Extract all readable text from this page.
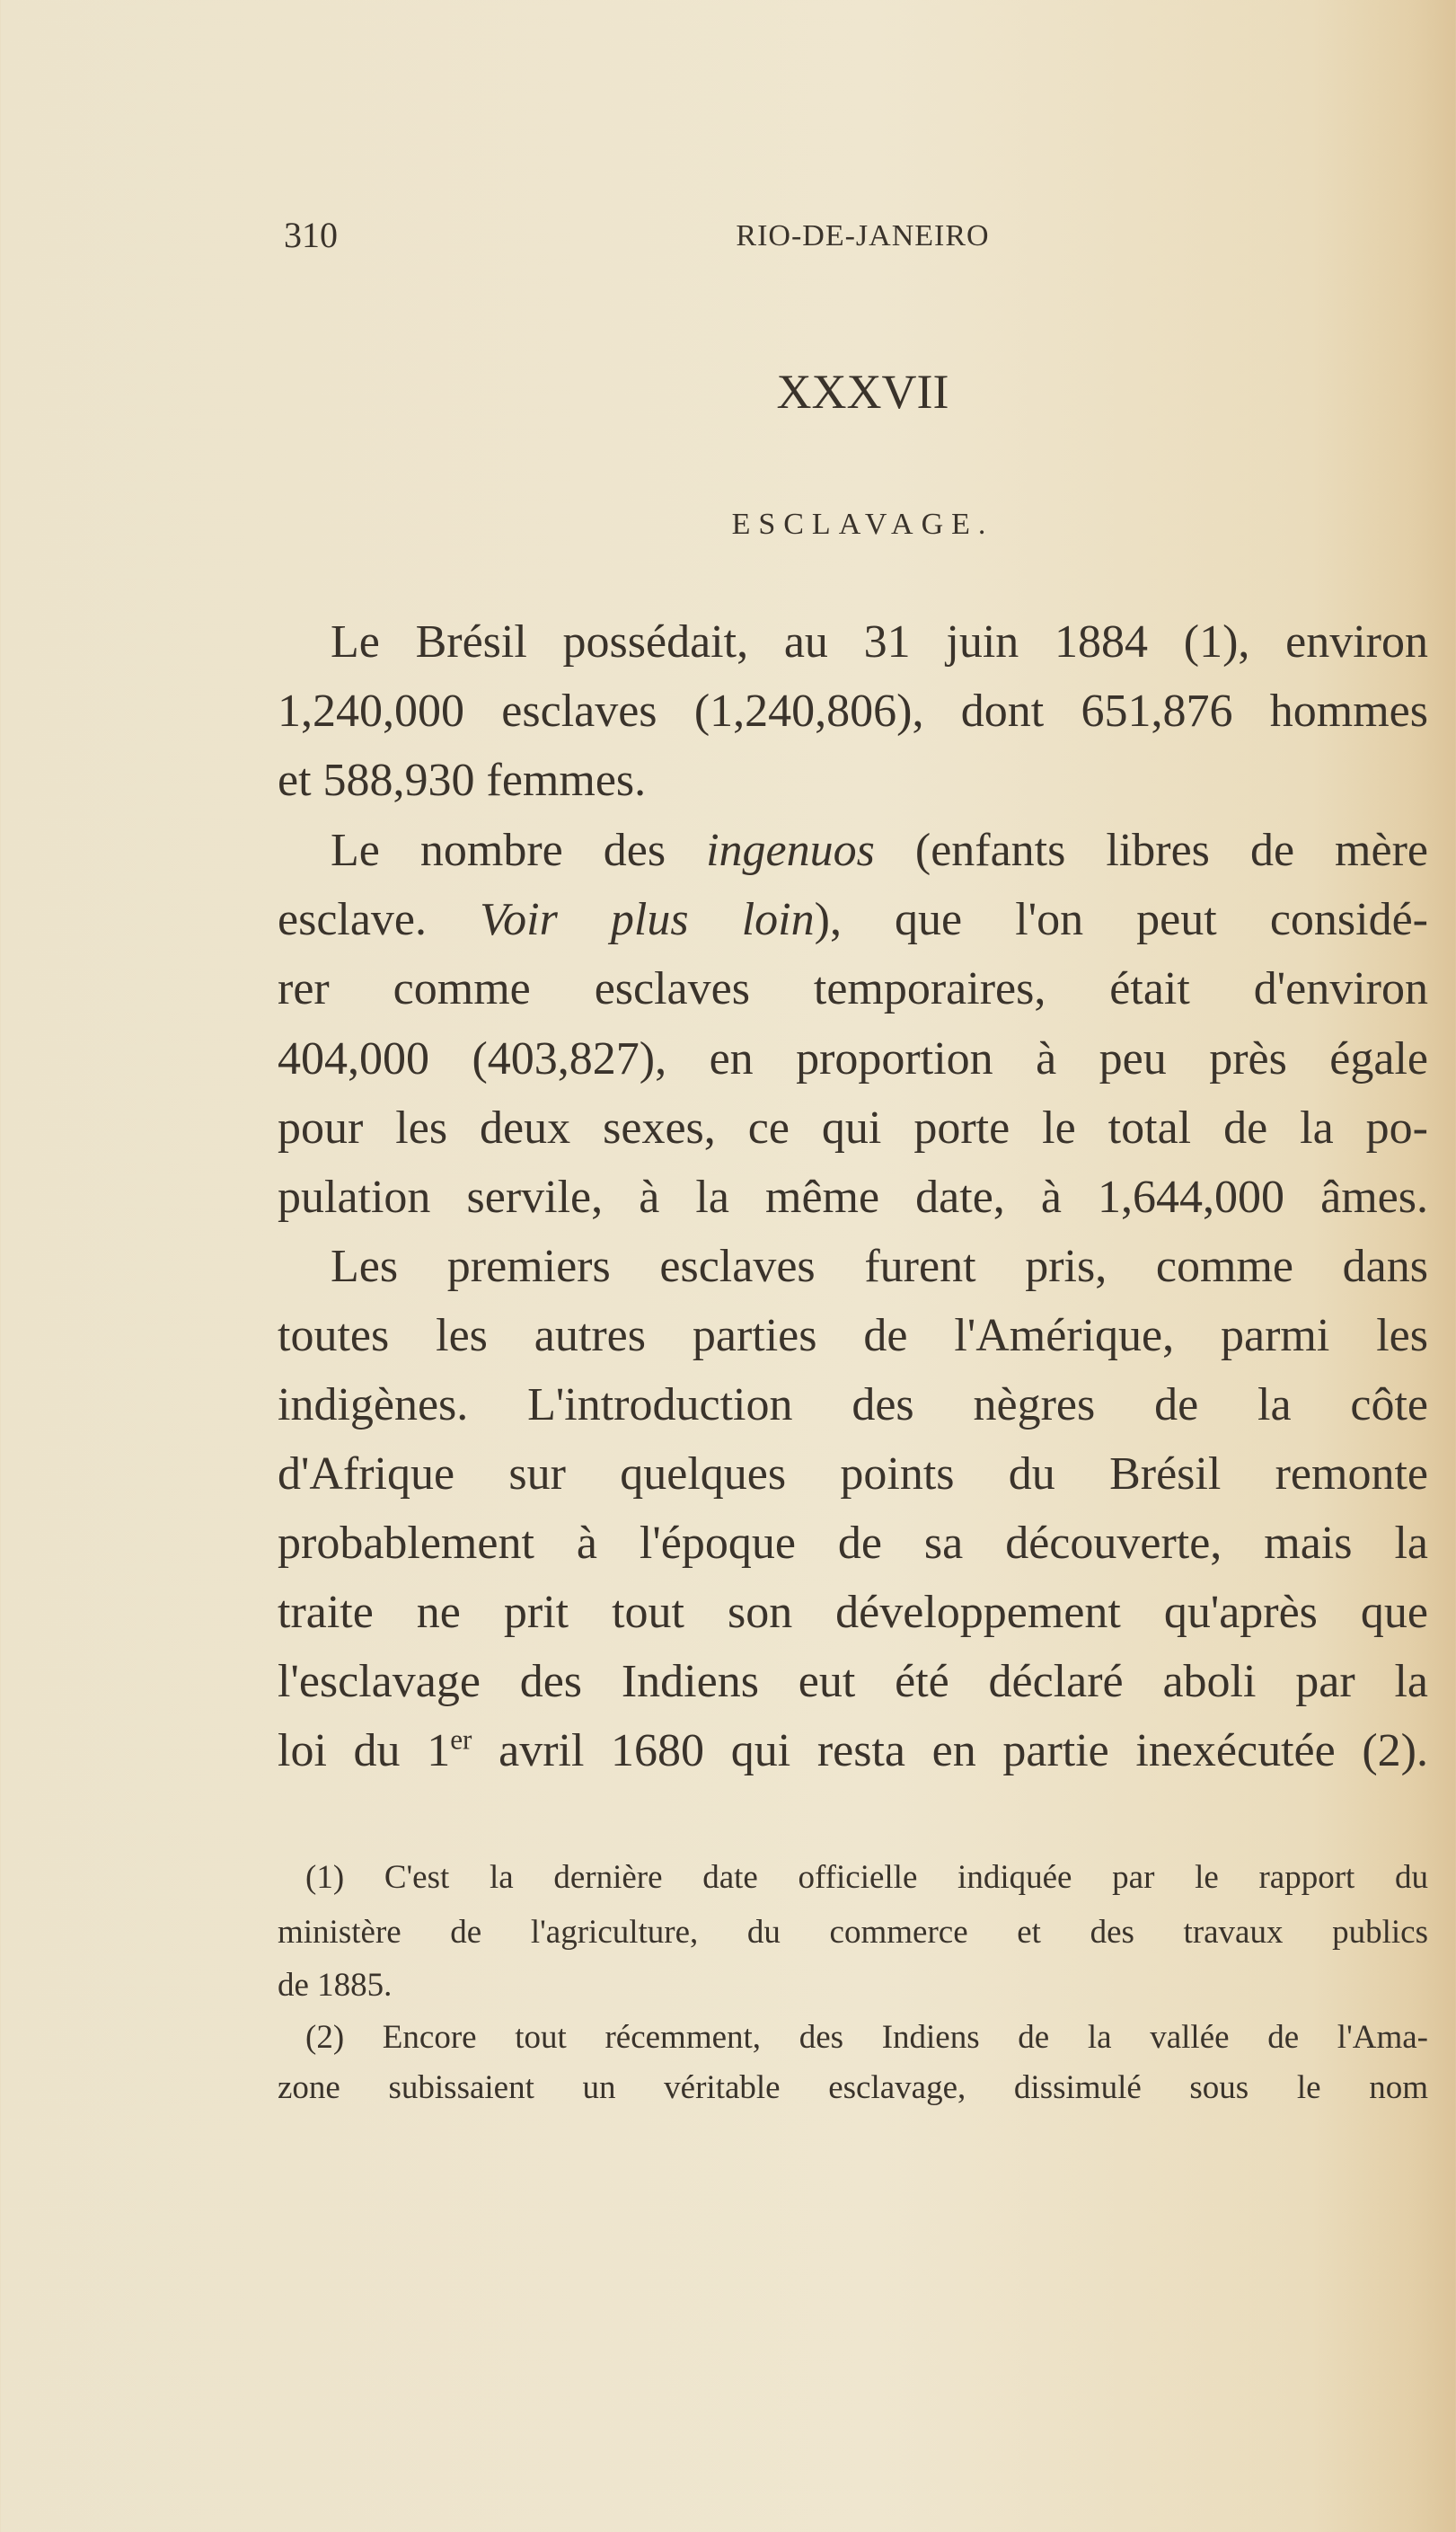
310	RIO-DE-JANEIRO
XXXVII
ESCLAVAGE.
Le Brésil possédait, au 31 juin 1884 (1), environ
1,240,000 esclaves (1,240,806), dont 651,876 hommes
et 588,930 femmes.
Le nombre des ingenuos (enfants libres de mère
esclave. Voir plus loin), que l'on peut considé-
rer comme esclaves temporaires, était d'environ
404,000 (403,827), en proportion à peu près égale
pour les deux sexes, ce qui porte le total de la po-
pulation servile, à la même date, à 1,644,000 âmes.
Les premiers esclaves furent pris, comme dans
toutes les autres parties de l'Amérique, parmi les
indigènes. L'introduction des nègres de la côte
d'Afrique sur quelques points du Brésil remonte
probablement à l'époque de sa découverte, mais la
traite ne prit tout son développement qu'après que
l'esclavage des Indiens eut été déclaré aboli par la
loi du 1er avril 1680 qui resta en partie inexécutée (2).
(1) C'est la dernière date officielle indiquée par le rapport du
ministère de l'agriculture, du commerce et des travaux publics
de 1885.
(2) Encore tout récemment, des Indiens de la vallée de l'Ama-
zone subissaient un véritable esclavage, dissimulé sous le nom
